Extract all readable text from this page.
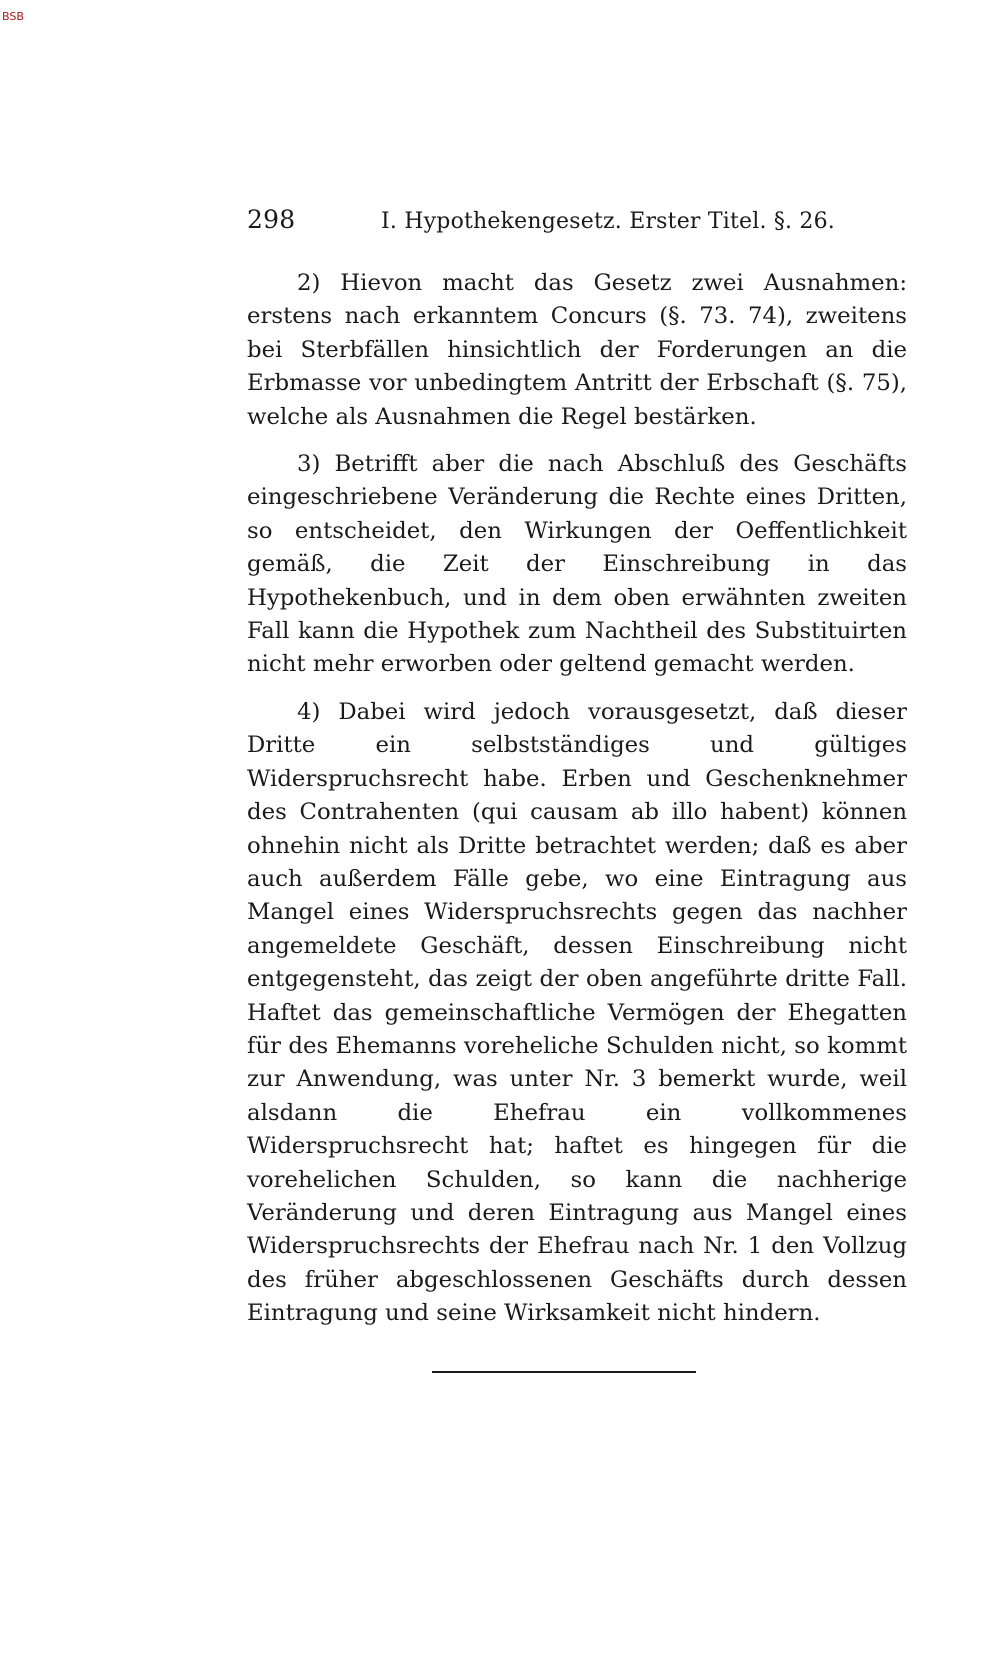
BSB
298	I. Hypothekengesetz. Erster Titel. §. 26.

2) Hievon macht das Gesetz zwei Ausnahmen: erstens nach erkanntem Concurs (§. 73. 74), zweitens bei Sterbfällen hinsichtlich der Forderungen an die Erbmasse vor unbedingtem Antritt der Erbschaft (§. 75), welche als Ausnahmen die Regel bestärken.

3) Betrifft aber die nach Abschluß des Geschäfts eingeschriebene Veränderung die Rechte eines Dritten, so entscheidet, den Wirkungen der Oeffentlichkeit gemäß, die Zeit der Einschreibung in das Hypothekenbuch, und in dem oben erwähnten zweiten Fall kann die Hypothek zum Nachtheil des Substituirten nicht mehr erworben oder geltend gemacht werden.

4) Dabei wird jedoch vorausgesetzt, daß dieser Dritte ein selbstständiges und gültiges Widerspruchsrecht habe. Erben und Geschenknehmer des Contrahenten (qui causam ab illo habent) können ohnehin nicht als Dritte betrachtet werden; daß es aber auch außerdem Fälle gebe, wo eine Eintragung aus Mangel eines Widerspruchsrechts gegen das nachher angemeldete Geschäft, dessen Einschreibung nicht entgegensteht, das zeigt der oben angeführte dritte Fall. Haftet das gemeinschaftliche Vermögen der Ehegatten für des Ehemanns voreheliche Schulden nicht, so kommt zur Anwendung, was unter Nr. 3 bemerkt wurde, weil alsdann die Ehefrau ein vollkommenes Widerspruchsrecht hat; haftet es hingegen für die vorehelichen Schulden, so kann die nachherige Veränderung und deren Eintragung aus Mangel eines Widerspruchsrechts der Ehefrau nach Nr. 1 den Vollzug des früher abgeschlossenen Geschäfts durch dessen Eintragung und seine Wirksamkeit nicht hindern.
